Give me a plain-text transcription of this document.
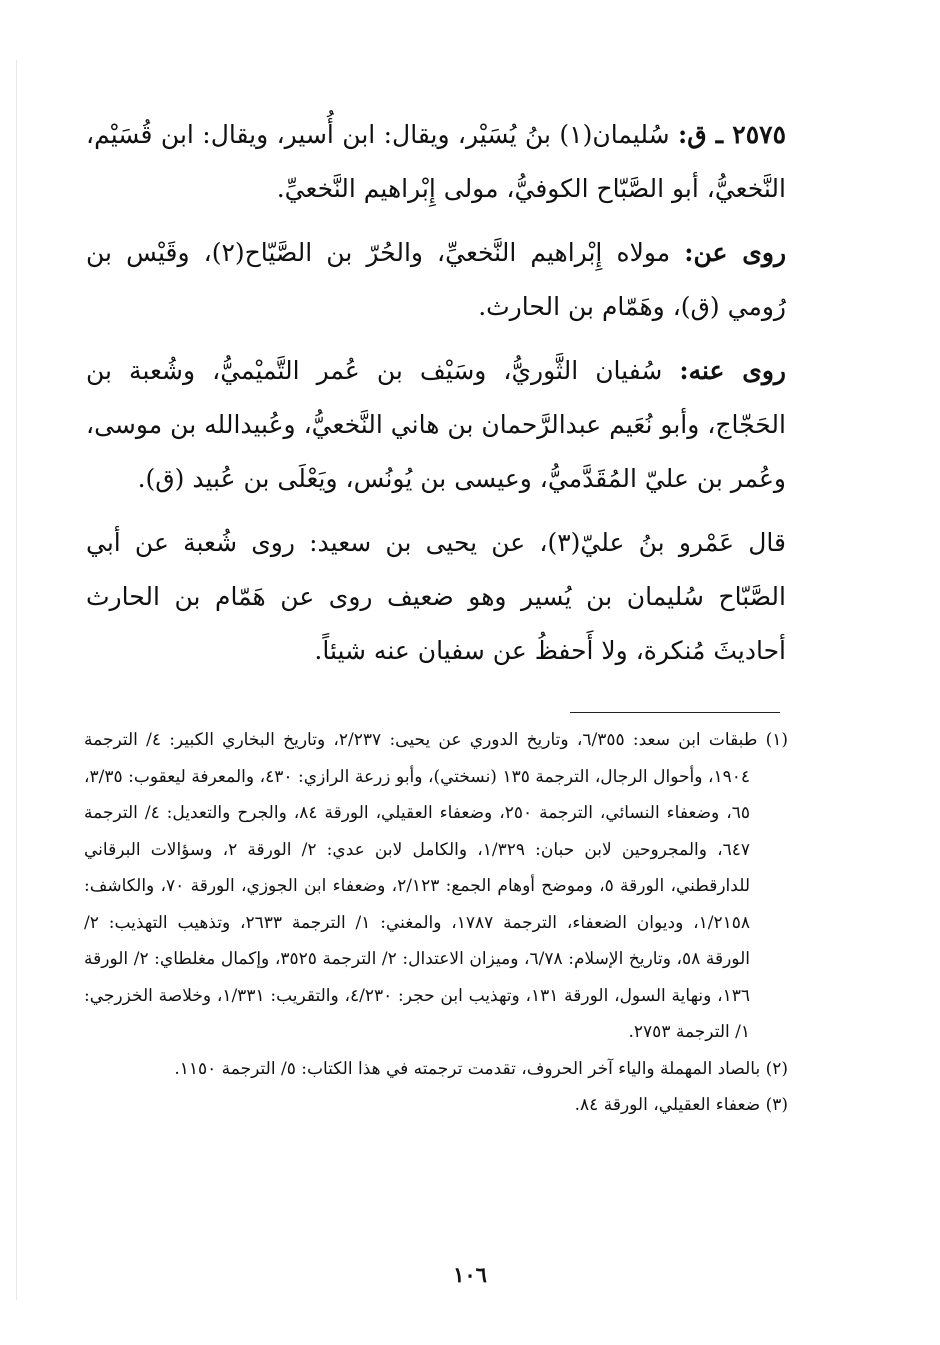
٢٥٧٥ ـ ق: سُليمان(١) بنُ يُسَيْر، ويقال: ابن أُسير، ويقال: ابن قُسَيْم، النَّخعيُّ، أبو الصَّبّاح الكوفيُّ، مولى إِبْراهيم النَّخعيِّ.

روى عن: مولاه إِبْراهيم النَّخعيِّ، والحُرّ بن الصَّيّاح(٢)، وقَيْس بن رُومي (ق)، وهَمّام بن الحارث.

روى عنه: سُفيان الثَّوريُّ، وسَيْف بن عُمر التَّميْميُّ، وشُعبة بن الحَجّاج، وأبو نُعَيم عبدالرَّحمان بن هاني النَّخعيُّ، وعُبيدالله بن موسى، وعُمر بن عليّ المُقَدَّميُّ، وعيسى بن يُونُس، ويَعْلَى بن عُبيد (ق).

قال عَمْرو بنُ عليّ(٣)، عن يحيى بن سعيد: روى شُعبة عن أبي الصَّبّاح سُليمان بن يُسير وهو ضعيف روى عن هَمّام بن الحارث أحاديثَ مُنكرة، ولا أَحفظُ عن سفيان عنه شيئاً.

(١) طبقات ابن سعد: ٦/٣٥٥، وتاريخ الدوري عن يحيى: ٢/٢٣٧، وتاريخ البخاري الكبير: ٤/ الترجمة ١٩٠٤، وأحوال الرجال، الترجمة ١٣٥ (نسختي)، وأبو زرعة الرازي: ٤٣٠، والمعرفة ليعقوب: ٣/٣٥، ٦٥، وضعفاء النسائي، الترجمة ٢٥٠، وضعفاء العقيلي، الورقة ٨٤، والجرح والتعديل: ٤/ الترجمة ٦٤٧، والمجروحين لابن حبان: ١/٣٢٩، والكامل لابن عدي: ٢/ الورقة ٢، وسؤالات البرقاني للدارقطني، الورقة ٥، وموضح أوهام الجمع: ٢/١٢٣، وضعفاء ابن الجوزي، الورقة ٧٠، والكاشف: ١/٢١٥٨، وديوان الضعفاء، الترجمة ١٧٨٧، والمغني: ١/ الترجمة ٢٦٣٣، وتذهيب التهذيب: ٢/ الورقة ٥٨، وتاريخ الإسلام: ٦/٧٨، وميزان الاعتدال: ٢/ الترجمة ٣٥٢٥، وإكمال مغلطاي: ٢/ الورقة ١٣٦، ونهاية السول، الورقة ١٣١، وتهذيب ابن حجر: ٤/٢٣٠، والتقريب: ١/٣٣١، وخلاصة الخزرجي: ١/ الترجمة ٢٧٥٣.

(٢) بالصاد المهملة والياء آخر الحروف، تقدمت ترجمته في هذا الكتاب: ٥/ الترجمة ١١٥٠.

(٣) ضعفاء العقيلي، الورقة ٨٤.

١٠٦
